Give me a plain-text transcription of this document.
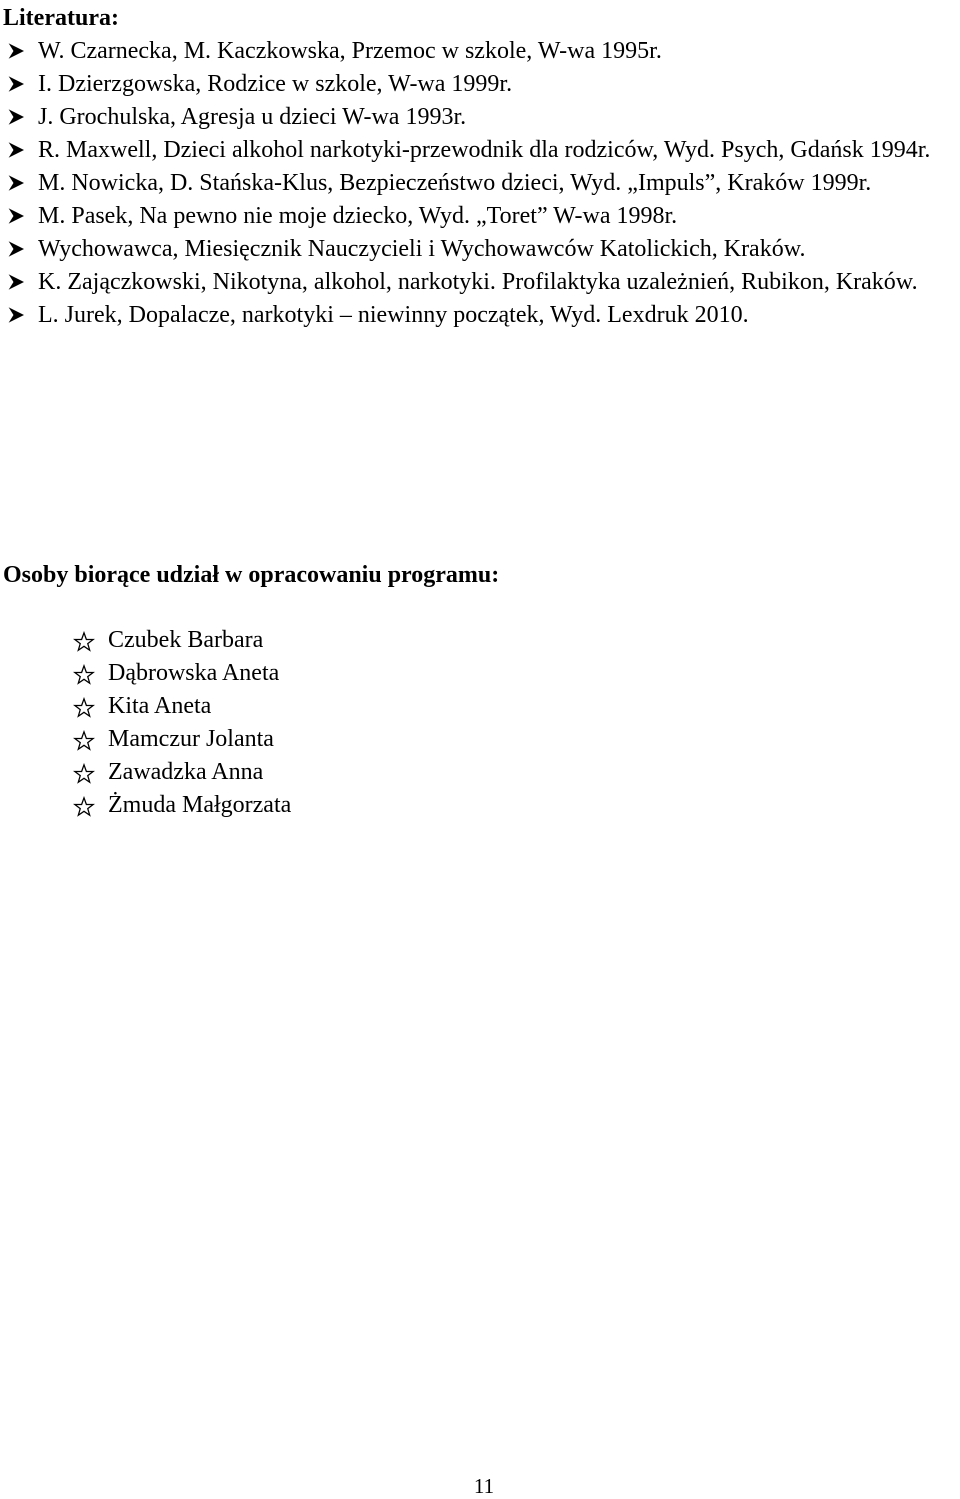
Literatura:

W. Czarnecka, M. Kaczkowska, Przemoc w szkole, W-wa 1995r.
I. Dzierzgowska, Rodzice w szkole, W-wa 1999r.
J. Grochulska, Agresja u dzieci W-wa 1993r.
R. Maxwell, Dzieci alkohol narkotyki-przewodnik dla rodziców, Wyd. Psych, Gdańsk 1994r.
M. Nowicka, D. Stańska-Klus, Bezpieczeństwo dzieci, Wyd. „Impuls”, Kraków 1999r.
M. Pasek, Na pewno nie moje dziecko, Wyd. „Toret” W-wa 1998r.
Wychowawca, Miesięcznik Nauczycieli i Wychowawców Katolickich, Kraków.
K. Zajączkowski, Nikotyna, alkohol, narkotyki. Profilaktyka uzależnień, Rubikon, Kraków.
L. Jurek, Dopalacze, narkotyki – niewinny początek, Wyd. Lexdruk 2010.

Osoby biorące udział w opracowaniu programu:

Czubek Barbara
Dąbrowska Aneta
Kita Aneta
Mamczur Jolanta
Zawadzka Anna
Żmuda Małgorzata
11
